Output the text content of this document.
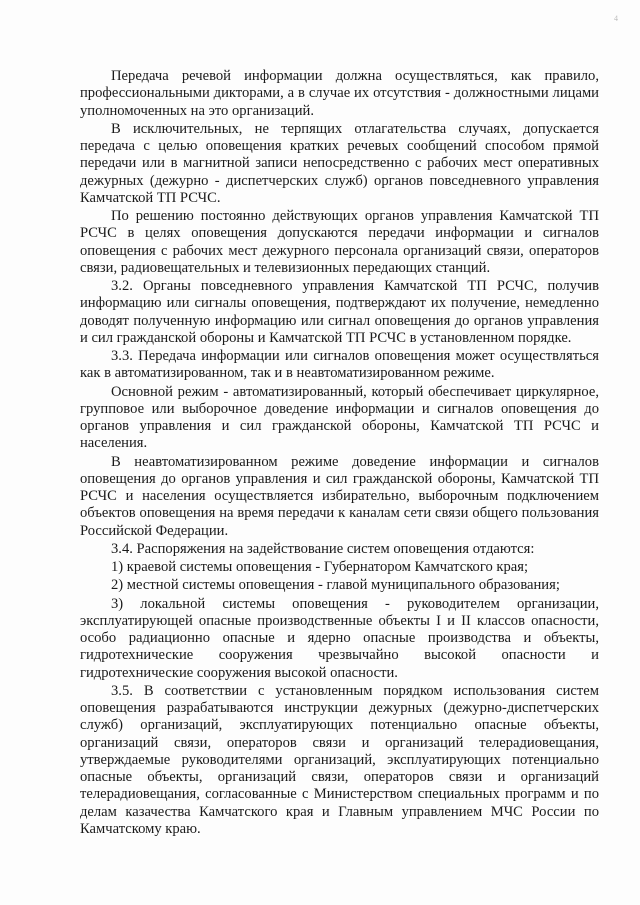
4

Передача речевой информации должна осуществляться, как правило, профессиональными дикторами, а в случае их отсутствия - должностными лицами уполномоченных на это организаций.

В исключительных, не терпящих отлагательства случаях, допускается передача с целью оповещения кратких речевых сообщений способом прямой передачи или в магнитной записи непосредственно с рабочих мест оперативных дежурных (дежурно - диспетчерских служб) органов повседневного управления Камчатской ТП РСЧС.

По решению постоянно действующих органов управления Камчатской ТП РСЧС в целях оповещения допускаются передачи информации и сигналов оповещения с рабочих мест дежурного персонала организаций связи, операторов связи, радиовещательных и телевизионных передающих станций.

3.2. Органы повседневного управления Камчатской ТП РСЧС, получив информацию или сигналы оповещения, подтверждают их получение, немедленно доводят полученную информацию или сигнал оповещения до органов управления и сил гражданской обороны и Камчатской ТП РСЧС в установленном порядке.

3.3. Передача информации или сигналов оповещения может осуществляться как в автоматизированном, так и в неавтоматизированном режиме.

Основной режим - автоматизированный, который обеспечивает циркулярное, групповое или выборочное доведение информации и сигналов оповещения до органов управления и сил гражданской обороны, Камчатской ТП РСЧС и населения.

В неавтоматизированном режиме доведение информации и сигналов оповещения до органов управления и сил гражданской обороны, Камчатской ТП РСЧС и населения осуществляется избирательно, выборочным подключением объектов оповещения на время передачи к каналам сети связи общего пользования Российской Федерации.

3.4. Распоряжения на задействование систем оповещения отдаются:

1) краевой системы оповещения - Губернатором Камчатского края;

2) местной системы оповещения - главой муниципального образования;

3) локальной системы оповещения - руководителем организации, эксплуатирующей опасные производственные объекты I и II классов опасности, особо радиационно опасные и ядерно опасные производства и объекты, гидротехнические сооружения чрезвычайно высокой опасности и гидротехнические сооружения высокой опасности.

3.5. В соответствии с установленным порядком использования систем оповещения разрабатываются инструкции дежурных (дежурно-диспетчерских служб) организаций, эксплуатирующих потенциально опасные объекты, организаций связи, операторов связи и организаций телерадиовещания, утверждаемые руководителями организаций, эксплуатирующих потенциально опасные объекты, организаций связи, операторов связи и организаций телерадиовещания, согласованные с Министерством специальных программ и по делам казачества Камчатского края и Главным управлением МЧС России по Камчатскому краю.
